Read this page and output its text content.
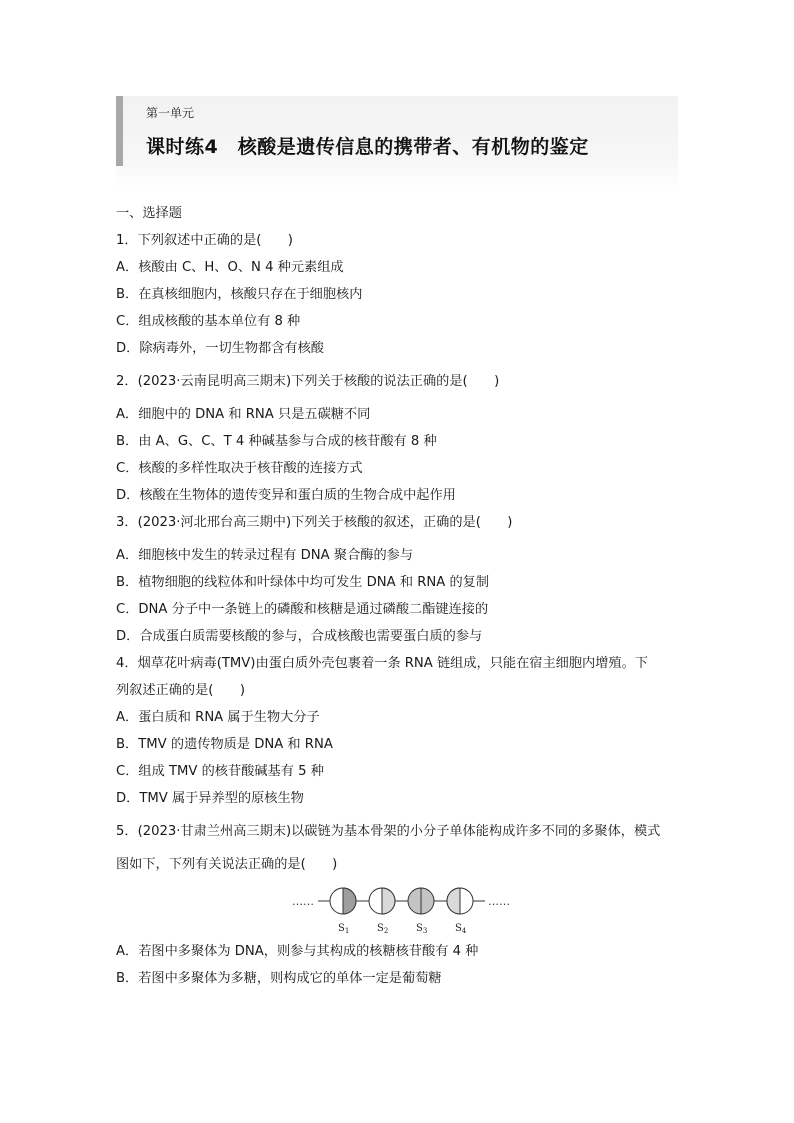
第一单元
课时练4　核酸是遗传信息的携带者、有机物的鉴定
一、选择题
1．下列叙述中正确的是(　　)
A．核酸由 C、H、O、N 4 种元素组成
B．在真核细胞内，核酸只存在于细胞核内
C．组成核酸的基本单位有 8 种
D．除病毒外，一切生物都含有核酸
2．(2023·云南昆明高三期末)下列关于核酸的说法正确的是(　　)
A．细胞中的 DNA 和 RNA 只是五碳糖不同
B．由 A、G、C、T 4 种碱基参与合成的核苷酸有 8 种
C．核酸的多样性取决于核苷酸的连接方式
D．核酸在生物体的遗传变异和蛋白质的生物合成中起作用
3．(2023·河北邢台高三期中)下列关于核酸的叙述，正确的是(　　)
A．细胞核中发生的转录过程有 DNA 聚合酶的参与
B．植物细胞的线粒体和叶绿体中均可发生 DNA 和 RNA 的复制
C．DNA 分子中一条链上的磷酸和核糖是通过磷酸二酯键连接的
D．合成蛋白质需要核酸的参与，合成核酸也需要蛋白质的参与
4．烟草花叶病毒(TMV)由蛋白质外壳包裹着一条 RNA 链组成，只能在宿主细胞内增殖。下
列叙述正确的是(　　)
A．蛋白质和 RNA 属于生物大分子
B．TMV 的遗传物质是 DNA 和 RNA
C．组成 TMV 的核苷酸碱基有 5 种
D．TMV 属于异养型的原核生物
5．(2023·甘肃兰州高三期末)以碳链为基本骨架的小分子单体能构成许多不同的多聚体，模式
图如下，下列有关说法正确的是(　　)
……	……
$S_1$	$S_2$	$S_3$	$S_4$
A．若图中多聚体为 DNA，则参与其构成的核糖核苷酸有 4 种
B．若图中多聚体为多糖，则构成它的单体一定是葡萄糖
